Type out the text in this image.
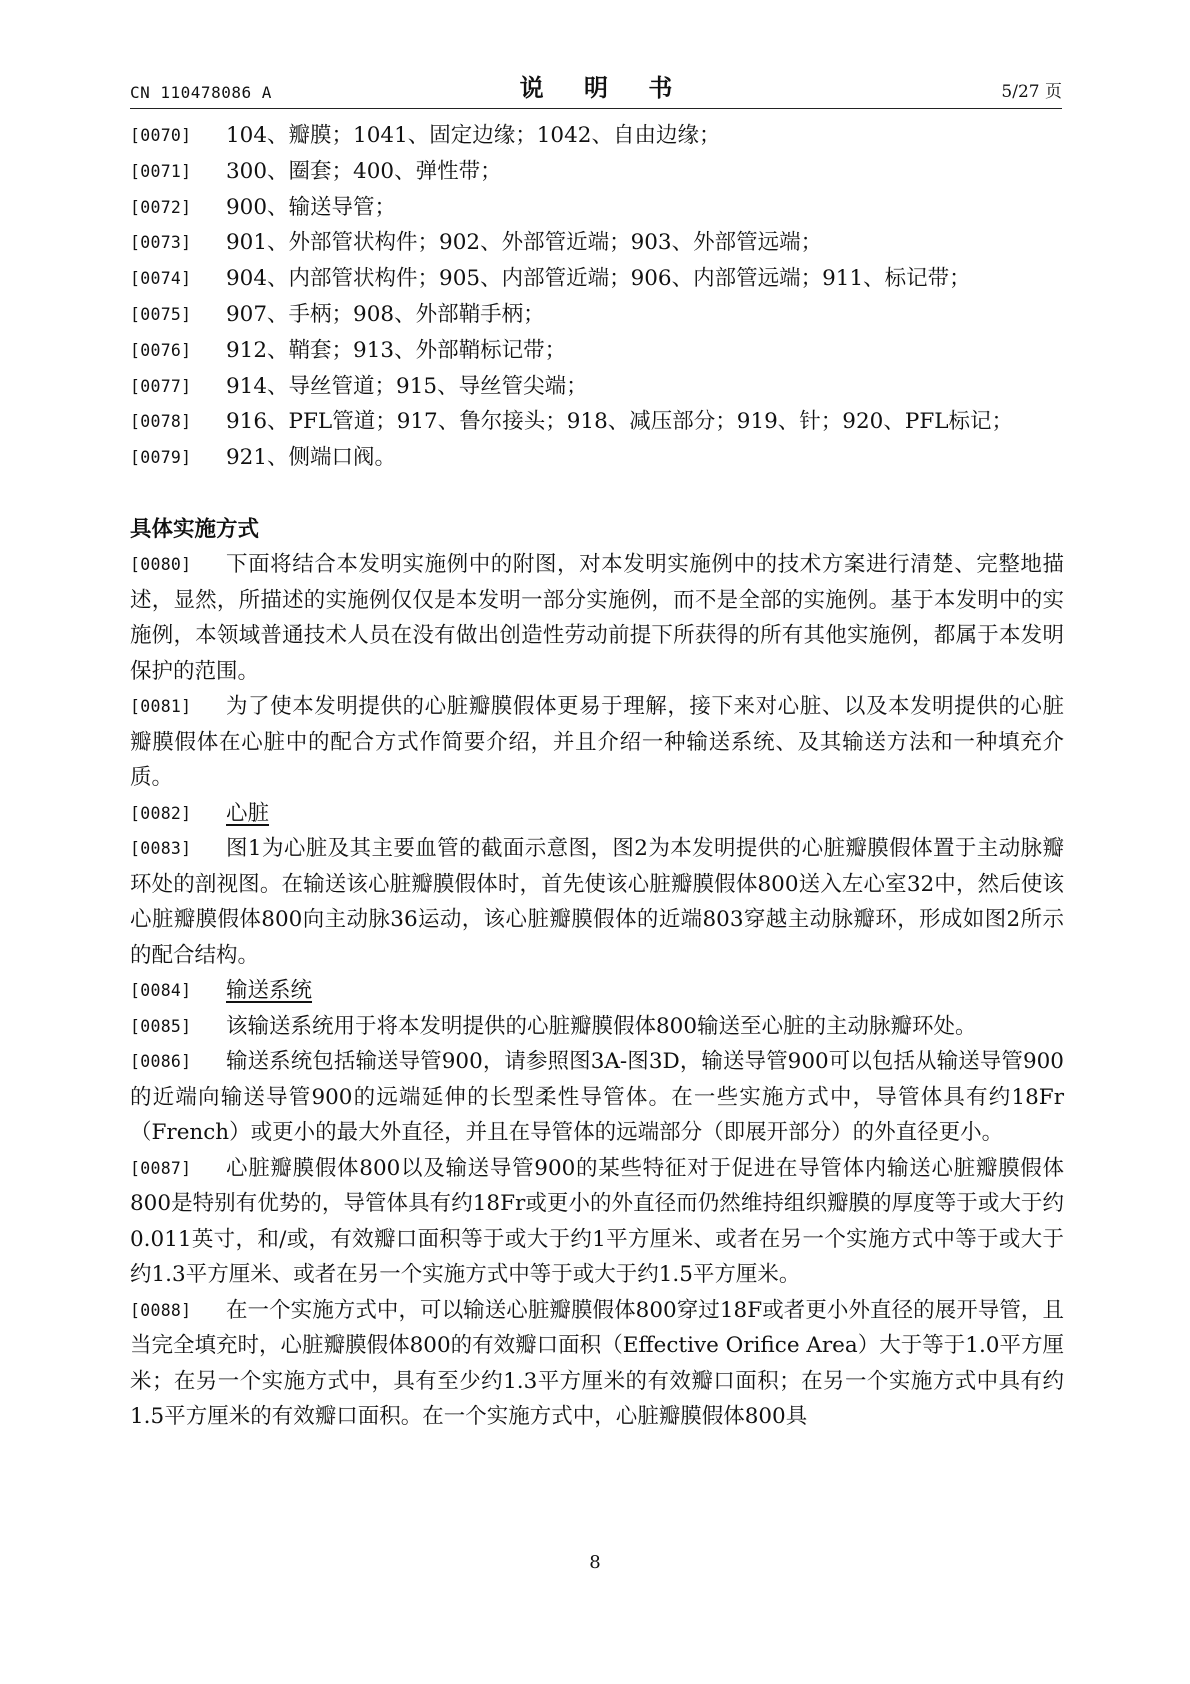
CN 110478086 A	说 明 书	5/27 页
[0070] 104、瓣膜；1041、固定边缘；1042、自由边缘；
[0071] 300、圈套；400、弹性带；
[0072] 900、输送导管；
[0073] 901、外部管状构件；902、外部管近端；903、外部管远端；
[0074] 904、内部管状构件；905、内部管近端；906、内部管远端；911、标记带；
[0075] 907、手柄；908、外部鞘手柄；
[0076] 912、鞘套；913、外部鞘标记带；
[0077] 914、导丝管道；915、导丝管尖端；
[0078] 916、PFL管道；917、鲁尔接头；918、减压部分；919、针；920、PFL标记；
[0079] 921、侧端口阀。
具体实施方式
[0080] 下面将结合本发明实施例中的附图，对本发明实施例中的技术方案进行清楚、完整地描述，显然，所描述的实施例仅仅是本发明一部分实施例，而不是全部的实施例。基于本发明中的实施例，本领域普通技术人员在没有做出创造性劳动前提下所获得的所有其他实施例，都属于本发明保护的范围。
[0081] 为了使本发明提供的心脏瓣膜假体更易于理解，接下来对心脏、以及本发明提供的心脏瓣膜假体在心脏中的配合方式作简要介绍，并且介绍一种输送系统、及其输送方法和一种填充介质。
[0082] 心脏
[0083] 图1为心脏及其主要血管的截面示意图，图2为本发明提供的心脏瓣膜假体置于主动脉瓣环处的剖视图。在输送该心脏瓣膜假体时，首先使该心脏瓣膜假体800送入左心室32中，然后使该心脏瓣膜假体800向主动脉36运动，该心脏瓣膜假体的近端803穿越主动脉瓣环，形成如图2所示的配合结构。
[0084] 输送系统
[0085] 该输送系统用于将本发明提供的心脏瓣膜假体800输送至心脏的主动脉瓣环处。
[0086] 输送系统包括输送导管900，请参照图3A-图3D，输送导管900可以包括从输送导管900的近端向输送导管900的远端延伸的长型柔性导管体。在一些实施方式中，导管体具有约18Fr（French）或更小的最大外直径，并且在导管体的远端部分（即展开部分）的外直径更小。
[0087] 心脏瓣膜假体800以及输送导管900的某些特征对于促进在导管体内输送心脏瓣膜假体800是特别有优势的，导管体具有约18Fr或更小的外直径而仍然维持组织瓣膜的厚度等于或大于约0.011英寸，和/或，有效瓣口面积等于或大于约1平方厘米、或者在另一个实施方式中等于或大于约1.3平方厘米、或者在另一个实施方式中等于或大于约1.5平方厘米。
[0088] 在一个实施方式中，可以输送心脏瓣膜假体800穿过18F或者更小外直径的展开导管，且当完全填充时，心脏瓣膜假体800的有效瓣口面积（Effective Orifice Area）大于等于1.0平方厘米；在另一个实施方式中，具有至少约1.3平方厘米的有效瓣口面积；在另一个实施方式中具有约1.5平方厘米的有效瓣口面积。在一个实施方式中，心脏瓣膜假体800具
8
